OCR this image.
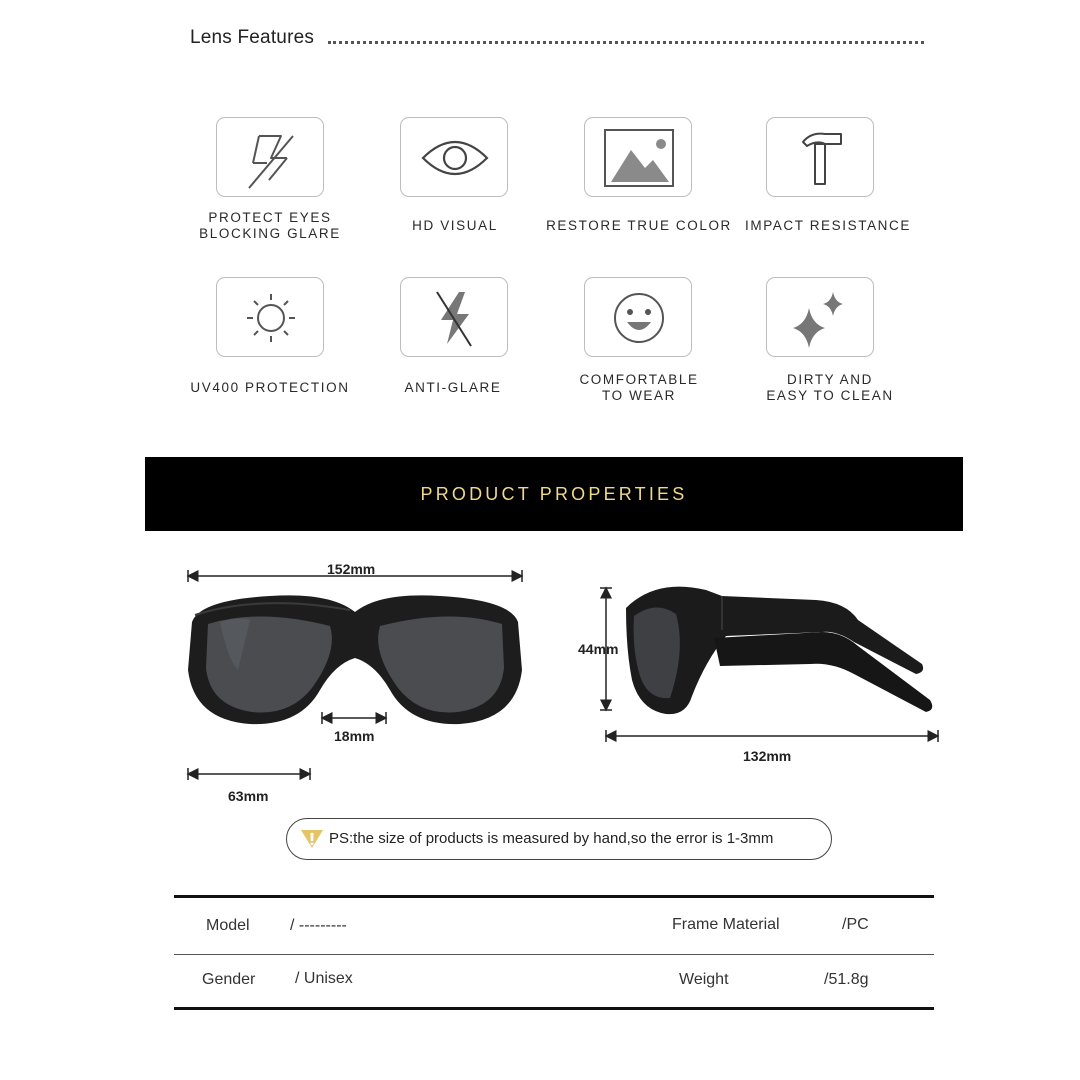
Lens Features
PROTECT EYES
BLOCKING GLARE
HD VISUAL	RESTORE TRUE COLOR IMPACT RESISTANCE
UV400 PROTECTION	ANTI-GLARE
COMFORTABLE
TO WEAR
DIRTY AND
EASY TO CLEAN
PRODUCT PROPERTIES
152mm
18mm
63mm
44mm
132mm
PS:the size of products is measured by hand,so the error is 1-3mm
Model	/ ---------	Frame Material	/PC
Gender / Unisex	Weight	/51.8g
